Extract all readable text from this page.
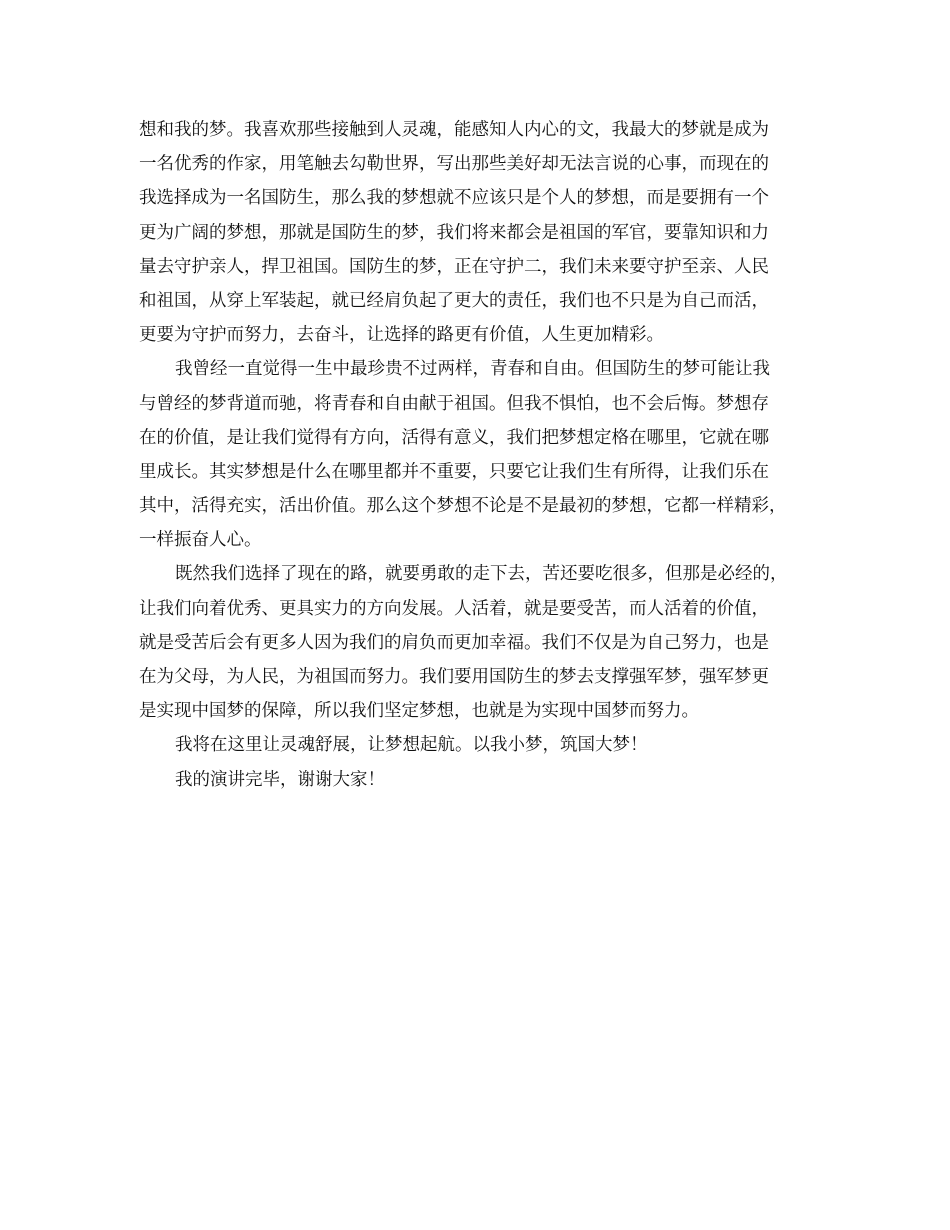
想和我的梦。我喜欢那些接触到人灵魂，能感知人内心的文，我最大的梦就是成为
一名优秀的作家，用笔触去勾勒世界，写出那些美好却无法言说的心事，而现在的
我选择成为一名国防生，那么我的梦想就不应该只是个人的梦想，而是要拥有一个
更为广阔的梦想，那就是国防生的梦，我们将来都会是祖国的军官，要靠知识和力
量去守护亲人，捍卫祖国。国防生的梦，正在守护二，我们未来要守护至亲、人民
和祖国，从穿上军装起，就已经肩负起了更大的责任，我们也不只是为自己而活，
更要为守护而努力，去奋斗，让选择的路更有价值，人生更加精彩。
我曾经一直觉得一生中最珍贵不过两样，青春和自由。但国防生的梦可能让我
与曾经的梦背道而驰，将青春和自由献于祖国。但我不惧怕，也不会后悔。梦想存
在的价值，是让我们觉得有方向，活得有意义，我们把梦想定格在哪里，它就在哪
里成长。其实梦想是什么在哪里都并不重要，只要它让我们生有所得，让我们乐在
其中，活得充实，活出价值。那么这个梦想不论是不是最初的梦想，它都一样精彩，
一样振奋人心。
既然我们选择了现在的路，就要勇敢的走下去，苦还要吃很多，但那是必经的，
让我们向着优秀、更具实力的方向发展。人活着，就是要受苦，而人活着的价值，
就是受苦后会有更多人因为我们的肩负而更加幸福。我们不仅是为自己努力，也是
在为父母，为人民，为祖国而努力。我们要用国防生的梦去支撑强军梦，强军梦更
是实现中国梦的保障，所以我们坚定梦想，也就是为实现中国梦而努力。
我将在这里让灵魂舒展，让梦想起航。以我小梦，筑国大梦！
我的演讲完毕，谢谢大家！
